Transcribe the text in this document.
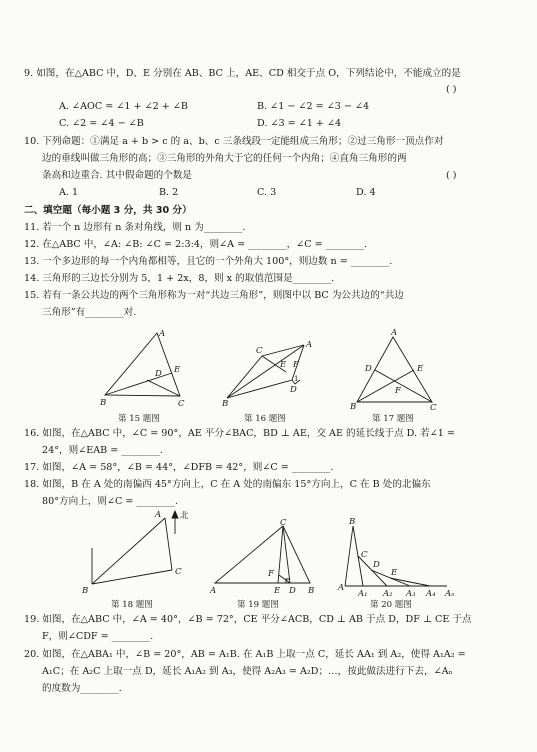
9. 如图，在△ABC 中，D、E 分别在 AB、BC 上，AE、CD 相交于点 O，下列结论中，不能成立的是
( )
A. ∠AOC = ∠1 + ∠2 + ∠B	B. ∠1 − ∠2 = ∠3 − ∠4
C. ∠2 = ∠4 − ∠B	D. ∠3 = ∠1 + ∠4
10. 下列命题：①满足 a + b > c 的 a、b、c 三条线段一定能组成三角形；②过三角形一顶点作对
边的垂线叫做三角形的高；③三角形的外角大于它的任何一个内角；④直角三角形的两
条高和边重合. 其中假命题的个数是	( )
A. 1	B. 2	C. 3	D. 4
二、填空题（每小题 3 分，共 30 分）
11. 若一个 n 边形有 n 条对角线，则 n 为________.
12. 在△ABC 中，∠A: ∠B: ∠C = 2:3:4，则∠A = ________，∠C = ________.
13. 一个多边形的每一个内角都相等，且它的一个外角大 100°，则边数 n = ________.
14. 三角形的三边长分别为 5，1 + 2x，8，则 x 的取值范围是________.
15. 若有一条公共边的两个三角形称为一对“共边三角形”，则图中以 BC 为公共边的“共边
三角形”有________对.
A
B	C
D E
第 15 题图
A
B
C
D
E F
1
第 16 题图
A
B	C
D	E
F
第 17 题图
16. 如图，在△ABC 中，∠C = 90°，AE 平分∠BAC，BD ⊥ AE，交 AE 的延长线于点 D. 若∠1 =
24°，则∠EAB = ________.
17. 如图，∠A = 58°，∠B = 44°，∠DFB = 42°，则∠C = ________.
18. 如图，B 在 A 处的南偏西 45°方向上，C 在 A 处的南偏东 15°方向上，C 在 B 处的北偏东
80°方向上，则∠C = ________.
A
B
C
北
第 18 题图
C
A	B
E D
F
第 19 题图
B
C
D
E
A
A₁ A₂ A₃ A₄ Aₙ
第 20 题图
19. 如图，在△ABC 中，∠A = 40°，∠B = 72°，CE 平分∠ACB，CD ⊥ AB 于点 D，DF ⊥ CE 于点
F，则∠CDF = ________.
20. 如图，在△ABA₁ 中，∠B = 20°，AB = A₁B. 在 A₁B 上取一点 C，延长 AA₁ 到 A₂，使得 A₁A₂ =
A₁C；在 A₂C 上取一点 D，延长 A₁A₂ 到 A₃，使得 A₂A₃ = A₂D；…，按此做法进行下去，∠Aₙ
的度数为________.
